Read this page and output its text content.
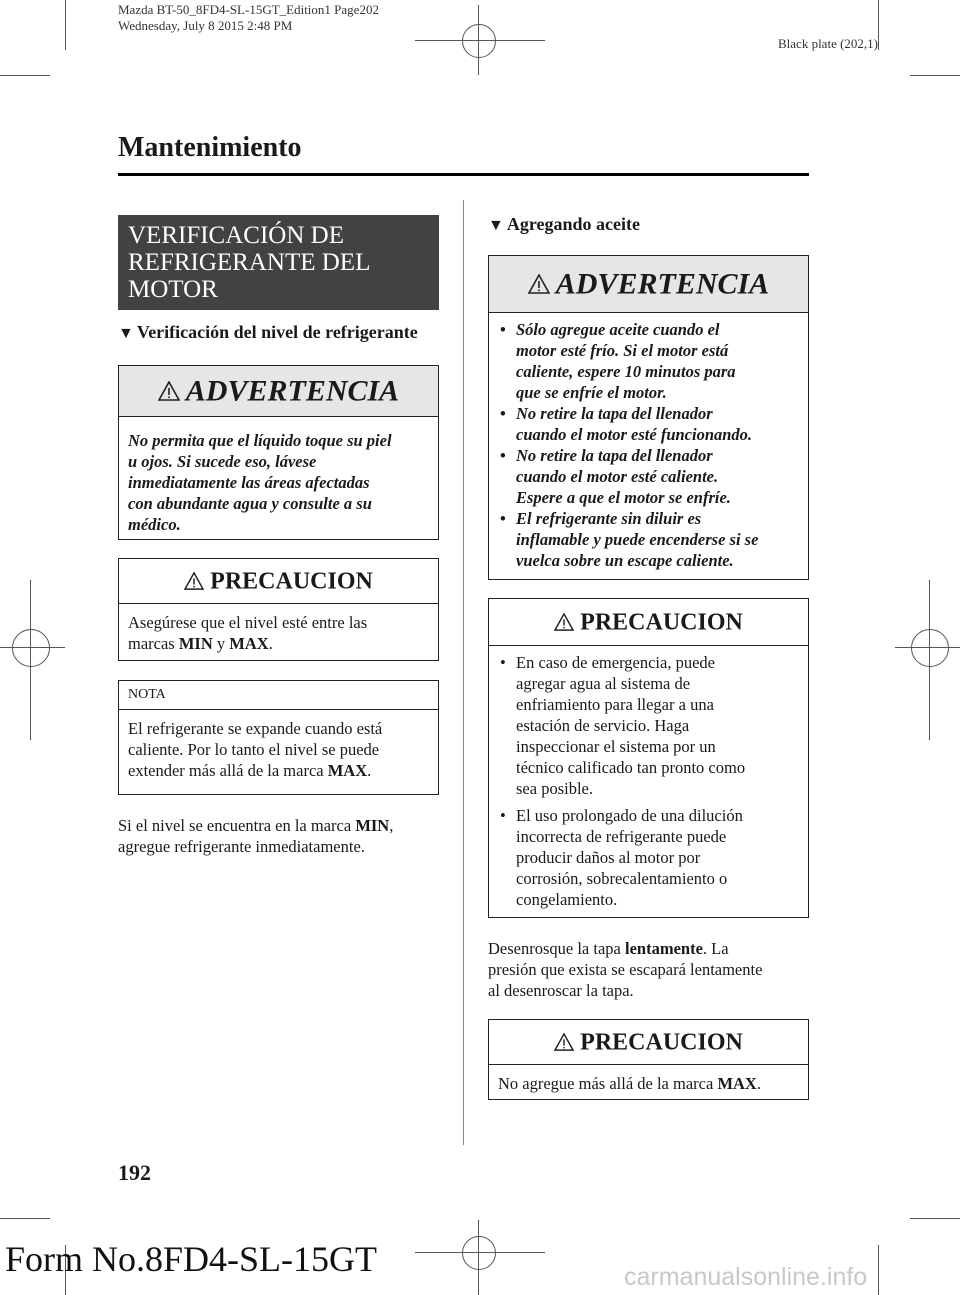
Mazda BT-50_8FD4-SL-15GT_Edition1 Page202
Wednesday, July 8 2015 2:48 PM
Black plate (202,1)
Mantenimiento
VERIFICACIÓN DE
REFRIGERANTE DEL
MOTOR
▼ Verificación del nivel de refrigerante
ADVERTENCIA
No permita que el líquido toque su piel
u ojos. Si sucede eso, lávese
inmediatamente las áreas afectadas
con abundante agua y consulte a su
médico.
PRECAUCION
Asegúrese que el nivel esté entre las
marcas MIN y MAX.
NOTA
El refrigerante se expande cuando está
caliente. Por lo tanto el nivel se puede
extender más allá de la marca MAX.
Si el nivel se encuentra en la marca MIN,
agregue refrigerante inmediatamente.
▼ Agregando aceite
ADVERTENCIA
• Sólo agregue aceite cuando el
motor esté frío. Si el motor está
caliente, espere 10 minutos para
que se enfríe el motor.
• No retire la tapa del llenador
cuando el motor esté funcionando.
• No retire la tapa del llenador
cuando el motor esté caliente.
Espere a que el motor se enfríe.
• El refrigerante sin diluir es
inflamable y puede encenderse si se
vuelca sobre un escape caliente.
PRECAUCION
• En caso de emergencia, puede
agregar agua al sistema de
enfriamiento para llegar a una
estación de servicio. Haga
inspeccionar el sistema por un
técnico calificado tan pronto como
sea posible.
• El uso prolongado de una dilución
incorrecta de refrigerante puede
producir daños al motor por
corrosión, sobrecalentamiento o
congelamiento.
Desenrosque la tapa lentamente. La
presión que exista se escapará lentamente
al desenroscar la tapa.
PRECAUCION
No agregue más allá de la marca MAX.
192
Form No.8FD4-SL-15GT	carmanualsonline.info
